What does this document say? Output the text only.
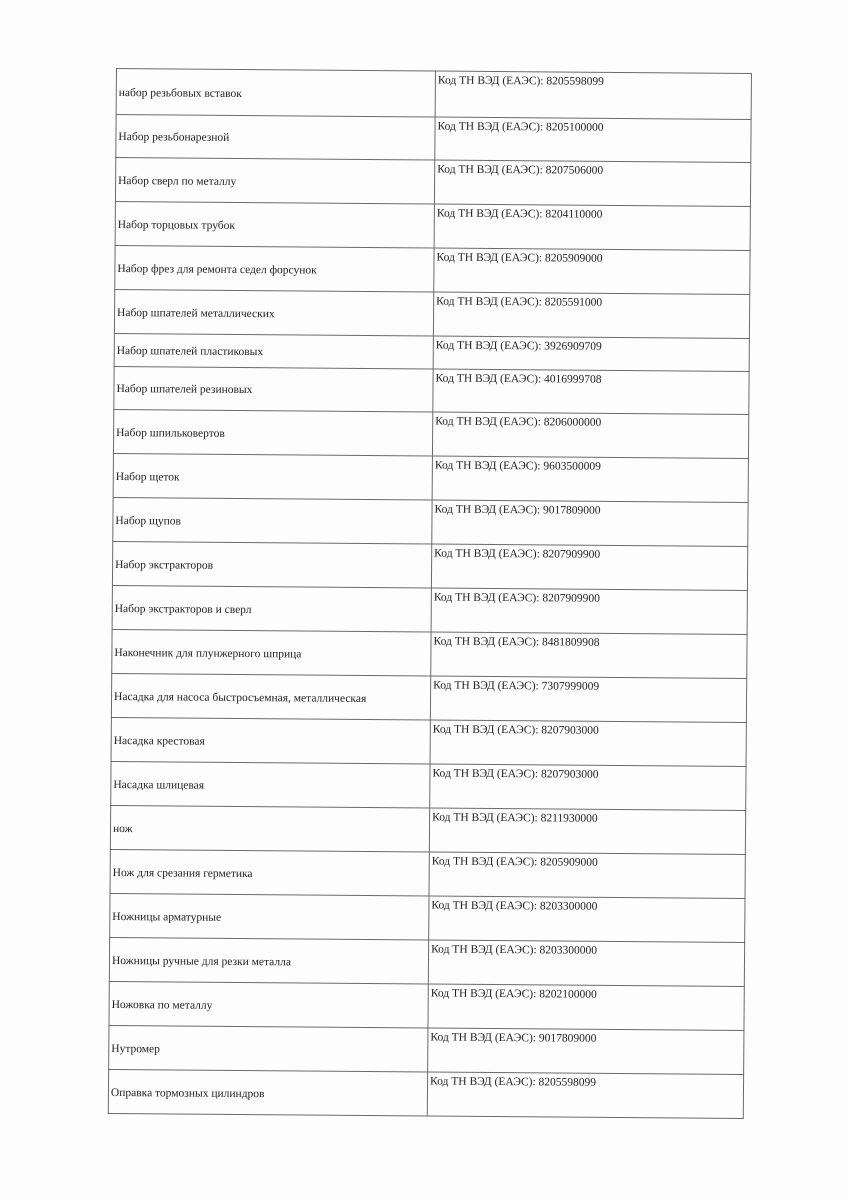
набор резьбовых вставок	Код ТН ВЭД (ЕАЭС): 8205598099

Набор резьбонарезной	Код ТН ВЭД (ЕАЭС): 8205100000

Набор сверл по металлу	Код ТН ВЭД (ЕАЭС): 8207506000

Набор торцовых трубок	Код ТН ВЭД (ЕАЭС): 8204110000

Набор фрез для ремонта седел форсунок	Код ТН ВЭД (ЕАЭС): 8205909000

Набор шпателей металлических	Код ТН ВЭД (ЕАЭС): 8205591000

Набор шпателей пластиковых	Код ТН ВЭД (ЕАЭС): 3926909709

Набор шпателей резиновых	Код ТН ВЭД (ЕАЭС): 4016999708

Набор шпильковертов	Код ТН ВЭД (ЕАЭС): 8206000000

Набор щеток	Код ТН ВЭД (ЕАЭС): 9603500009

Набор щупов	Код ТН ВЭД (ЕАЭС): 9017809000

Набор экстракторов	Код ТН ВЭД (ЕАЭС): 8207909900

Набор экстракторов и сверл	Код ТН ВЭД (ЕАЭС): 8207909900

Наконечник для плунжерного шприца	Код ТН ВЭД (ЕАЭС): 8481809908

Насадка для насоса быстросъемная, металлическая	Код ТН ВЭД (ЕАЭС): 7307999009

Насадка крестовая	Код ТН ВЭД (ЕАЭС): 8207903000

Насадка шлицевая	Код ТН ВЭД (ЕАЭС): 8207903000

нож	Код ТН ВЭД (ЕАЭС): 8211930000

Нож для срезания герметика	Код ТН ВЭД (ЕАЭС): 8205909000

Ножницы арматурные	Код ТН ВЭД (ЕАЭС): 8203300000

Ножницы ручные для резки металла	Код ТН ВЭД (ЕАЭС): 8203300000

Ножовка по металлу	Код ТН ВЭД (ЕАЭС): 8202100000

Нутромер	Код ТН ВЭД (ЕАЭС): 9017809000

Оправка тормозных цилиндров	Код ТН ВЭД (ЕАЭС): 8205598099
